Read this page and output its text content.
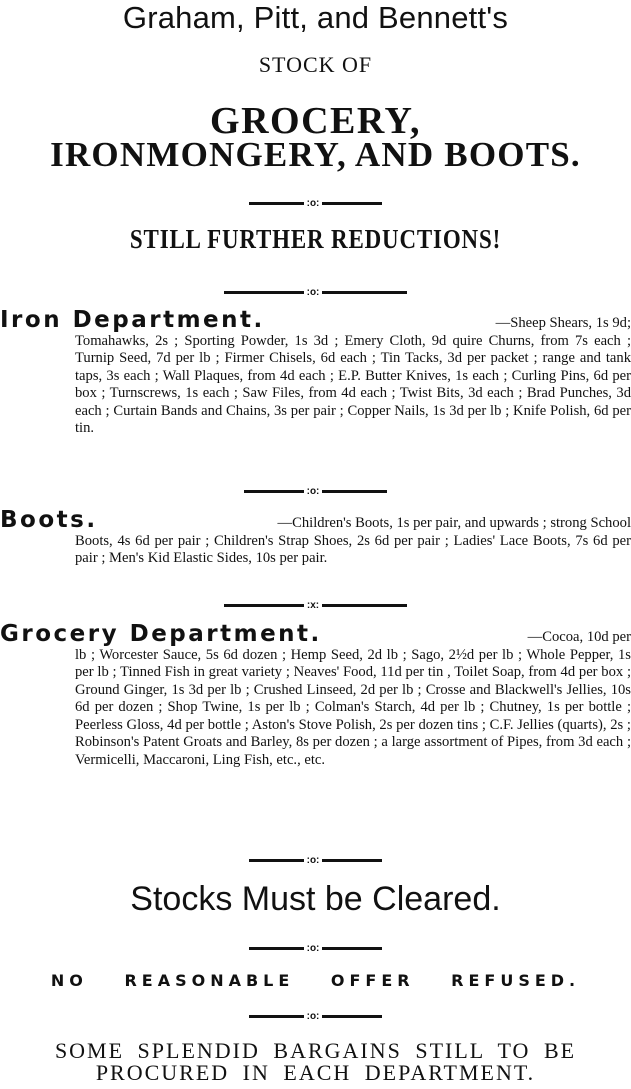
Graham, Pitt, and Bennett's
STOCK OF
GROCERY,
IRONMONGERY, AND BOOTS.
:o:
STILL FURTHER REDUCTIONS!
:o:

Iron Department.	—Sheep Shears, 1s 9d;

Tomahawks, 2s ; Sporting Powder, 1s 3d ; Emery Cloth, 9d quire Churns, from 7s each ; Turnip Seed, 7d per lb ; Firmer Chisels, 6d each ; Tin Tacks, 3d per packet ; range and tank taps, 3s each ; Wall Plaques, from 4d each ; E.P. Butter Knives, 1s each ; Curling Pins, 6d per box ; Turnscrews, 1s each ; Saw Files, from 4d each ; Twist Bits, 3d each ; Brad Punches, 3d each ; Curtain Bands and Chains, 3s per pair ; Copper Nails, 1s 3d per lb ; Knife Polish, 6d per tin.

:o:

Boots.	—Children's Boots, 1s per pair, and upwards ; strong School

Boots, 4s 6d per pair ; Children's Strap Shoes, 2s 6d per pair ; Ladies' Lace Boots, 7s 6d per pair ; Men's Kid Elastic Sides, 10s per pair.

:x:

Grocery Department.	—Cocoa, 10d per

lb ; Worcester Sauce, 5s 6d dozen ; Hemp Seed, 2d lb ; Sago, 2½d per lb ; Whole Pepper, 1s per lb ; Tinned Fish in great variety ; Neaves' Food, 11d per tin , Toilet Soap, from 4d per box ; Ground Ginger, 1s 3d per lb ; Crushed Linseed, 2d per lb ; Crosse and Blackwell's Jellies, 10s 6d per dozen ; Shop Twine, 1s per lb ; Colman's Starch, 4d per lb ; Chutney, 1s per bottle ; Peerless Gloss, 4d per bottle ; Aston's Stove Polish, 2s per dozen tins ; C.F. Jellies (quarts), 2s ; Robinson's Patent Groats and Barley, 8s per dozen ; a large assortment of Pipes, from 3d each ; Vermicelli, Maccaroni, Ling Fish, etc., etc.

:o:
Stocks Must be Cleared.
:o:
NO REASONABLE OFFER REFUSED.
:o:
SOME SPLENDID BARGAINS STILL TO BE PROCURED IN EACH DEPARTMENT.
